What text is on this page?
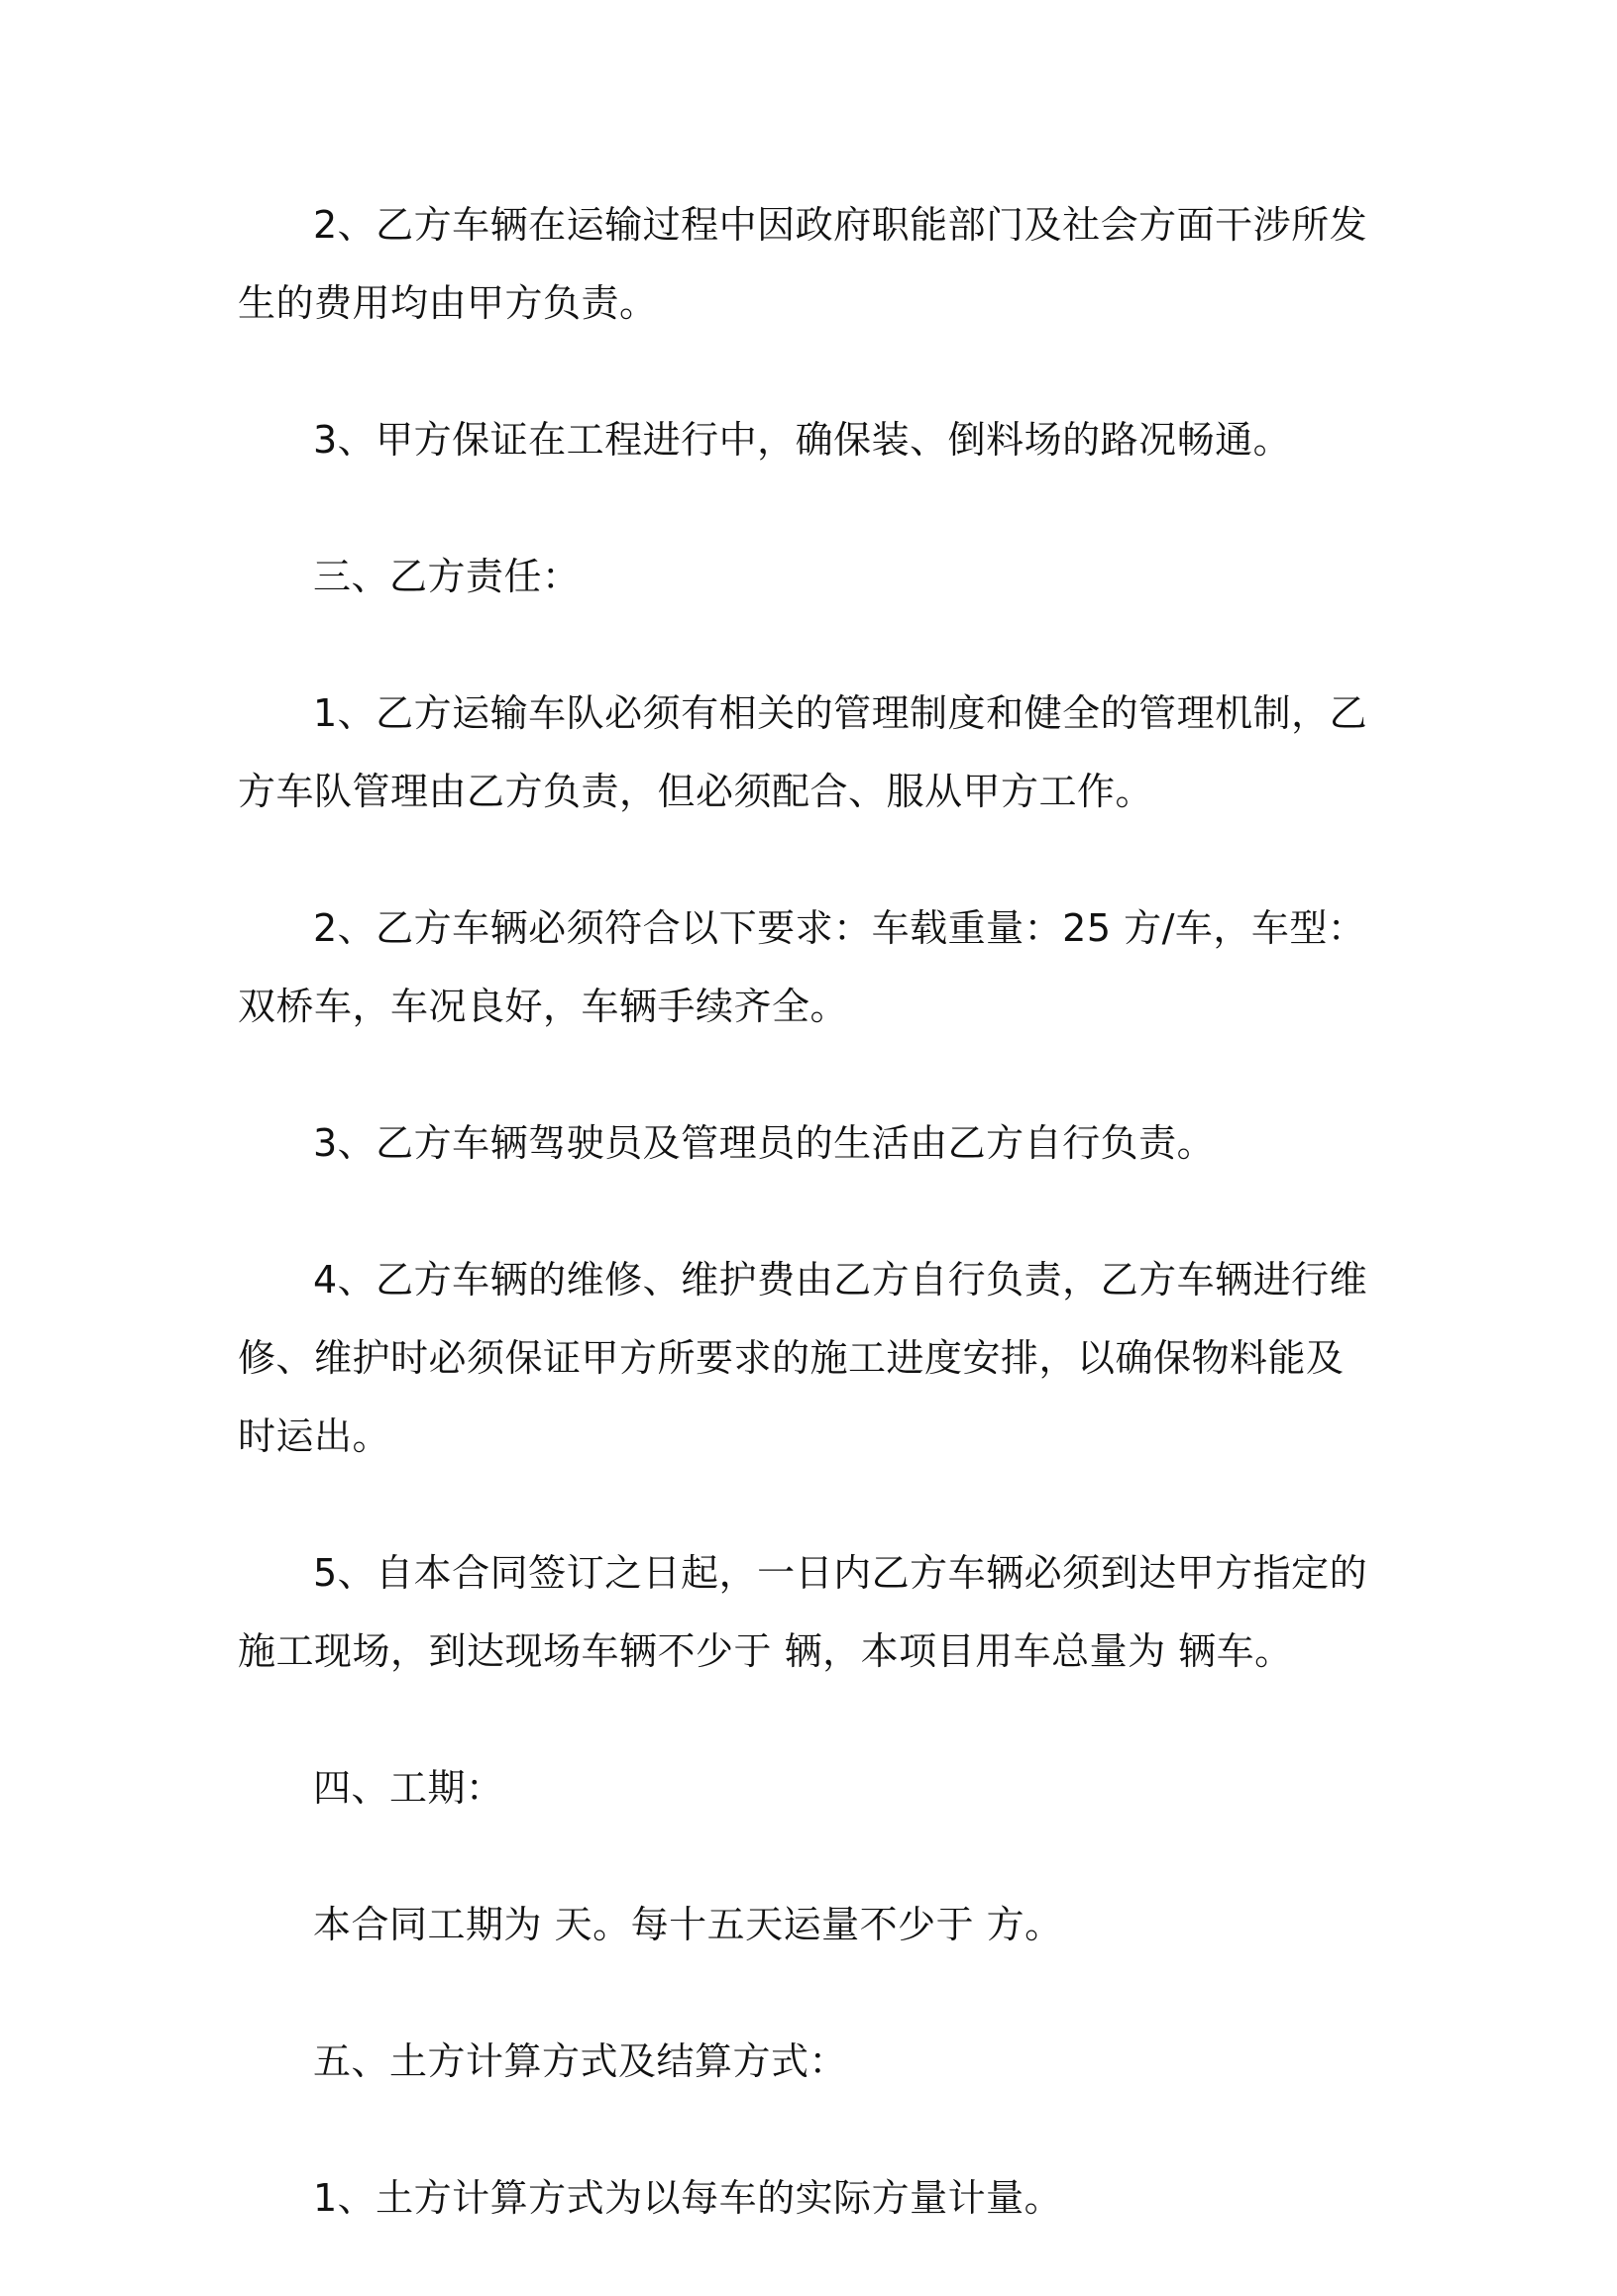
2、乙方车辆在运输过程中因政府职能部门及社会方面干涉所发生的费用均由甲方负责。

3、甲方保证在工程进行中，确保装、倒料场的路况畅通。

三、乙方责任：

1、乙方运输车队必须有相关的管理制度和健全的管理机制，乙方车队管理由乙方负责，但必须配合、服从甲方工作。

2、乙方车辆必须符合以下要求：车载重量：25 方/车，车型：双桥车，车况良好，车辆手续齐全。

3、乙方车辆驾驶员及管理员的生活由乙方自行负责。

4、乙方车辆的维修、维护费由乙方自行负责，乙方车辆进行维修、维护时必须保证甲方所要求的施工进度安排，以确保物料能及时运出。

5、自本合同签订之日起，一日内乙方车辆必须到达甲方指定的施工现场，到达现场车辆不少于 辆，本项目用车总量为 辆车。

四、工期：

本合同工期为 天。每十五天运量不少于 方。

五、土方计算方式及结算方式：

1、土方计算方式为以每车的实际方量计量。
